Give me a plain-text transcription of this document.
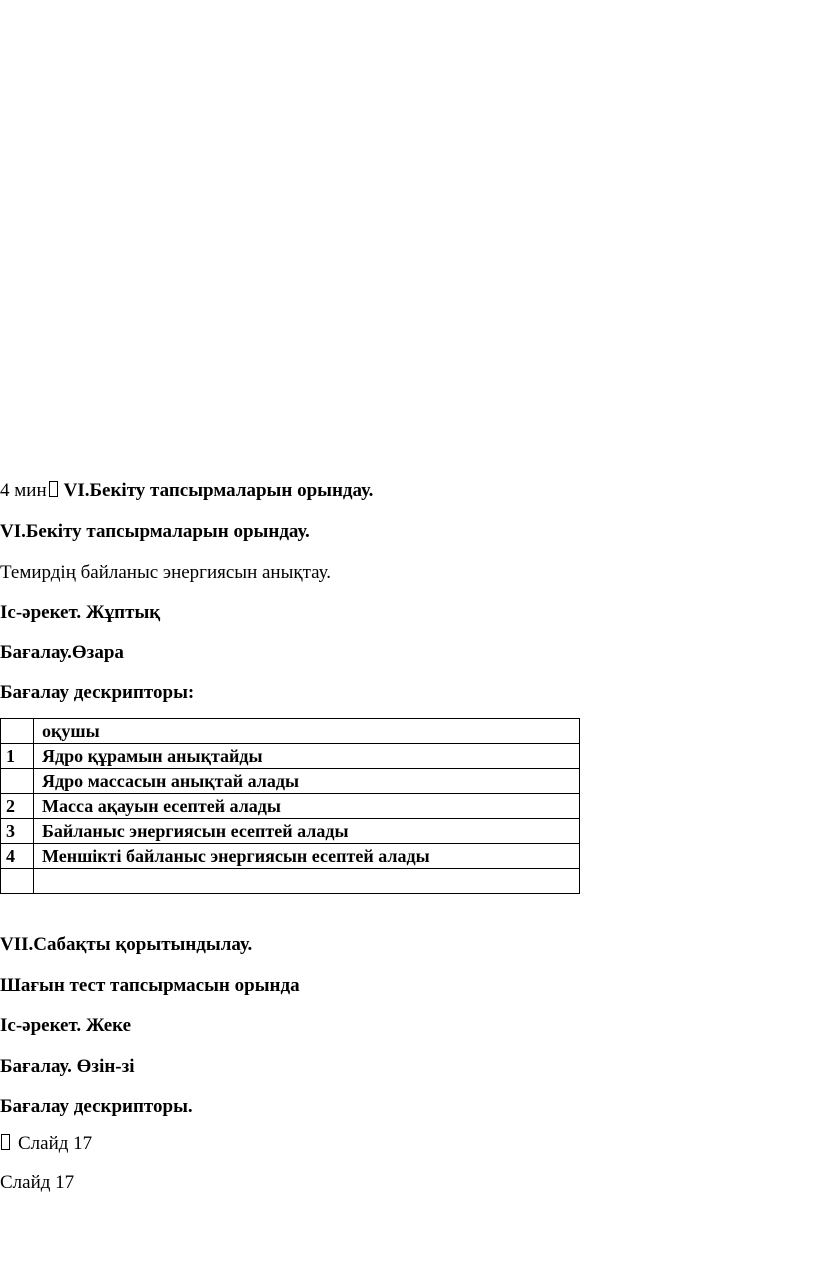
4 мин VI.Бекіту тапсырмаларын орындау.
VI.Бекіту тапсырмаларын орындау.
Темирдің байланыс энергиясын анықтау.
Іс-әрекет. Жұптық
Бағалау.Өзара
Бағалау дескрипторы:
	оқушы
1	Ядро құрамын анықтайды
	Ядро массасын анықтай алады
2	Масса ақауын есептей алады
3	Байланыс энергиясын есептей алады
4	Меншікті байланыс энергиясын есептей алады

VII.Сабақты қорытындылау.
Шағын тест тапсырмасын орында
Іс-әрекет. Жеке
Бағалау. Өзін-зі
Бағалау дескрипторы.
Слайд 17
Слайд 17
